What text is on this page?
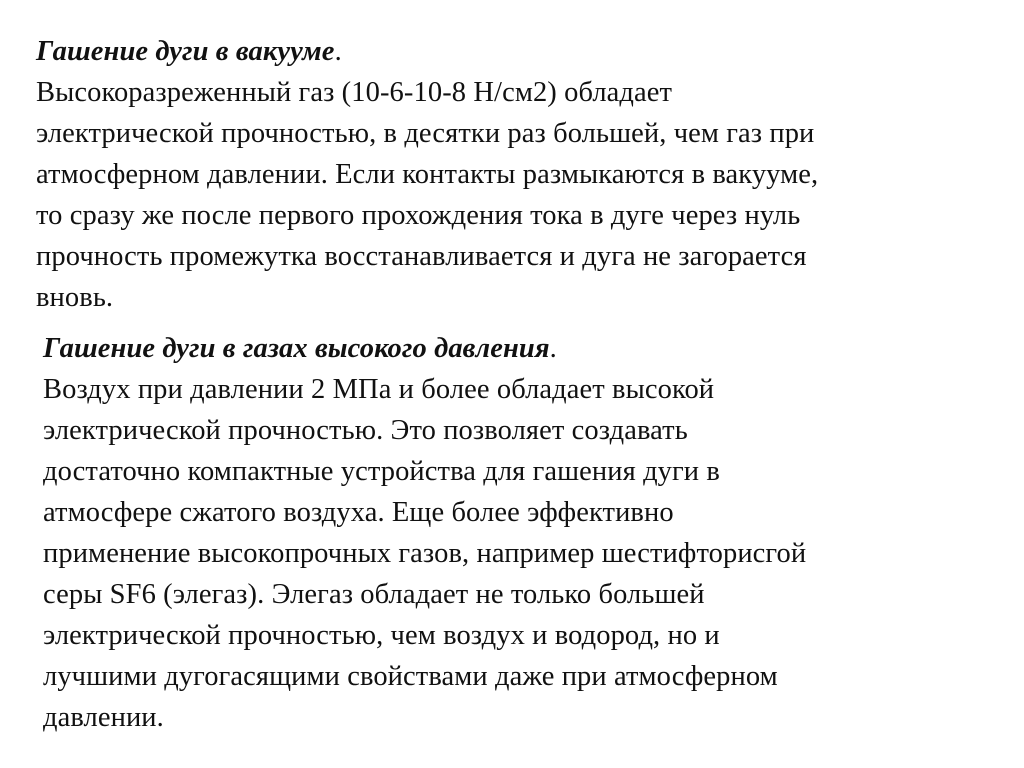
Гашение дуги в вакууме.
Высокоразреженный газ (10-6-10-8 Н/см2) обладает
электрической прочностью, в десятки раз большей, чем газ при
атмосферном давлении. Если контакты размыкаются в вакууме,
то сразу же после первого прохождения тока в дуге через нуль
прочность промежутка восстанавливается и дуга не загорается
вновь.
Гашение дуги в газах высокого давления.
Воздух при давлении 2 МПа и более обладает высокой
электрической прочностью. Это позволяет создавать
достаточно компактные устройства для гашения дуги в
атмосфере сжатого воздуха. Еще более эффективно
применение высокопрочных газов, например шестифторисгой
серы SF6 (элегаз). Элегаз обладает не только большей
электрической прочностью, чем воздух и водород, но и
лучшими дугогасящими свойствами даже при атмосферном
давлении.
